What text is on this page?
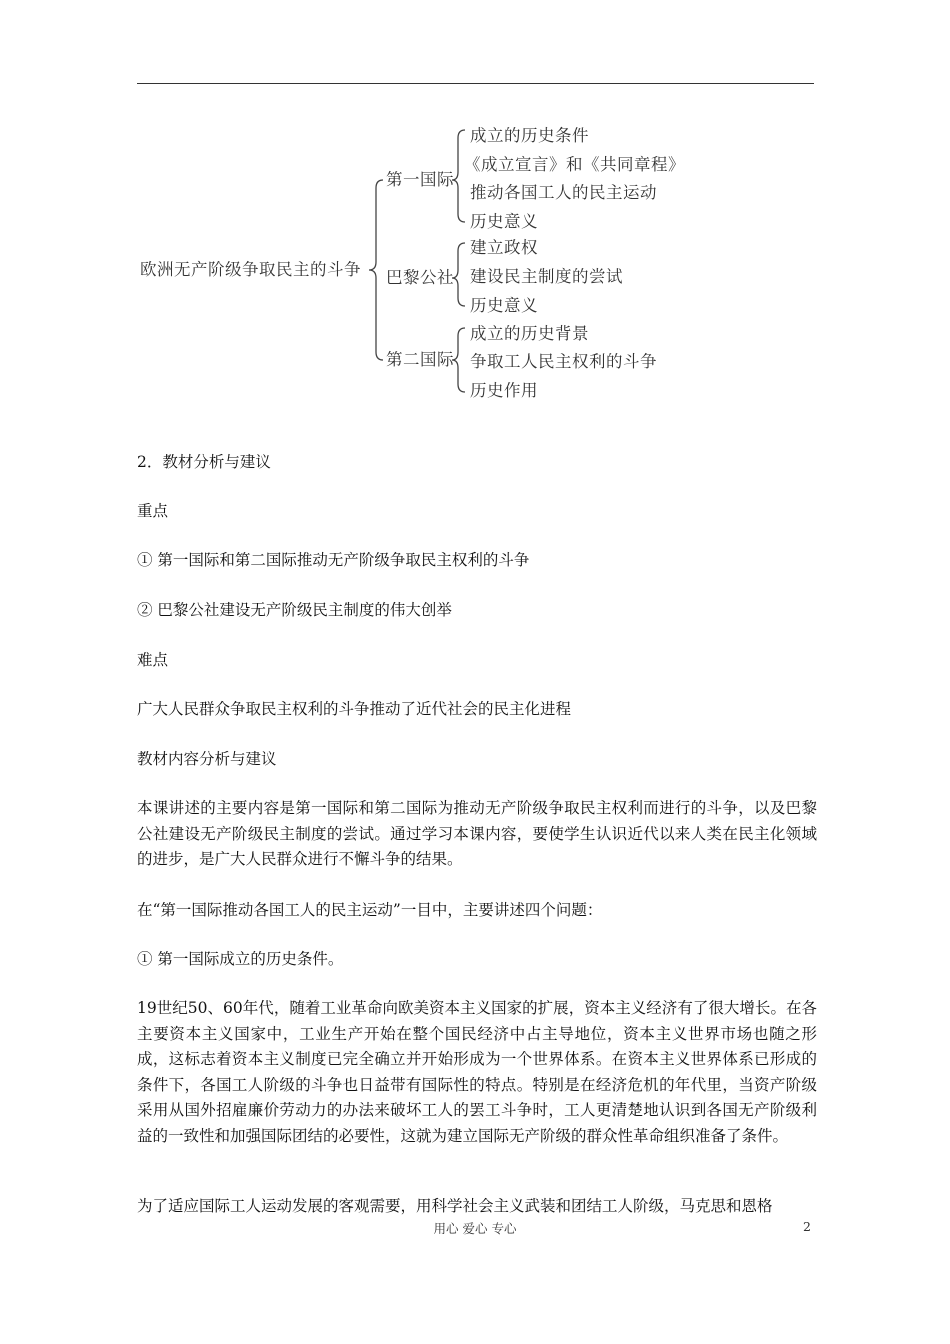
欧洲无产阶级争取民主的斗争
第一国际
成立的历史条件
《成立宣言》和《共同章程》
推动各国工人的民主运动
历史意义
巴黎公社
建立政权
建设民主制度的尝试
历史意义
第二国际
成立的历史背景
争取工人民主权利的斗争
历史作用
2．教材分析与建议
重点
① 第一国际和第二国际推动无产阶级争取民主权利的斗争
② 巴黎公社建设无产阶级民主制度的伟大创举
难点
广大人民群众争取民主权利的斗争推动了近代社会的民主化进程
教材内容分析与建议
本课讲述的主要内容是第一国际和第二国际为推动无产阶级争取民主权利而进行的斗争，以及巴黎公社建设无产阶级民主制度的尝试。通过学习本课内容，要使学生认识近代以来人类在民主化领域的进步，是广大人民群众进行不懈斗争的结果。
在“第一国际推动各国工人的民主运动”一目中，主要讲述四个问题：
① 第一国际成立的历史条件。
19世纪50、60年代，随着工业革命向欧美资本主义国家的扩展，资本主义经济有了很大增长。在各主要资本主义国家中，工业生产开始在整个国民经济中占主导地位，资本主义世界市场也随之形成，这标志着资本主义制度已完全确立并开始形成为一个世界体系。在资本主义世界体系已形成的条件下，各国工人阶级的斗争也日益带有国际性的特点。特别是在经济危机的年代里，当资产阶级采用从国外招雇廉价劳动力的办法来破坏工人的罢工斗争时，工人更清楚地认识到各国无产阶级利益的一致性和加强国际团结的必要性，这就为建立国际无产阶级的群众性革命组织准备了条件。
为了适应国际工人运动发展的客观需要，用科学社会主义武装和团结工人阶级，马克思和恩格
用心 爱心 专心	2
